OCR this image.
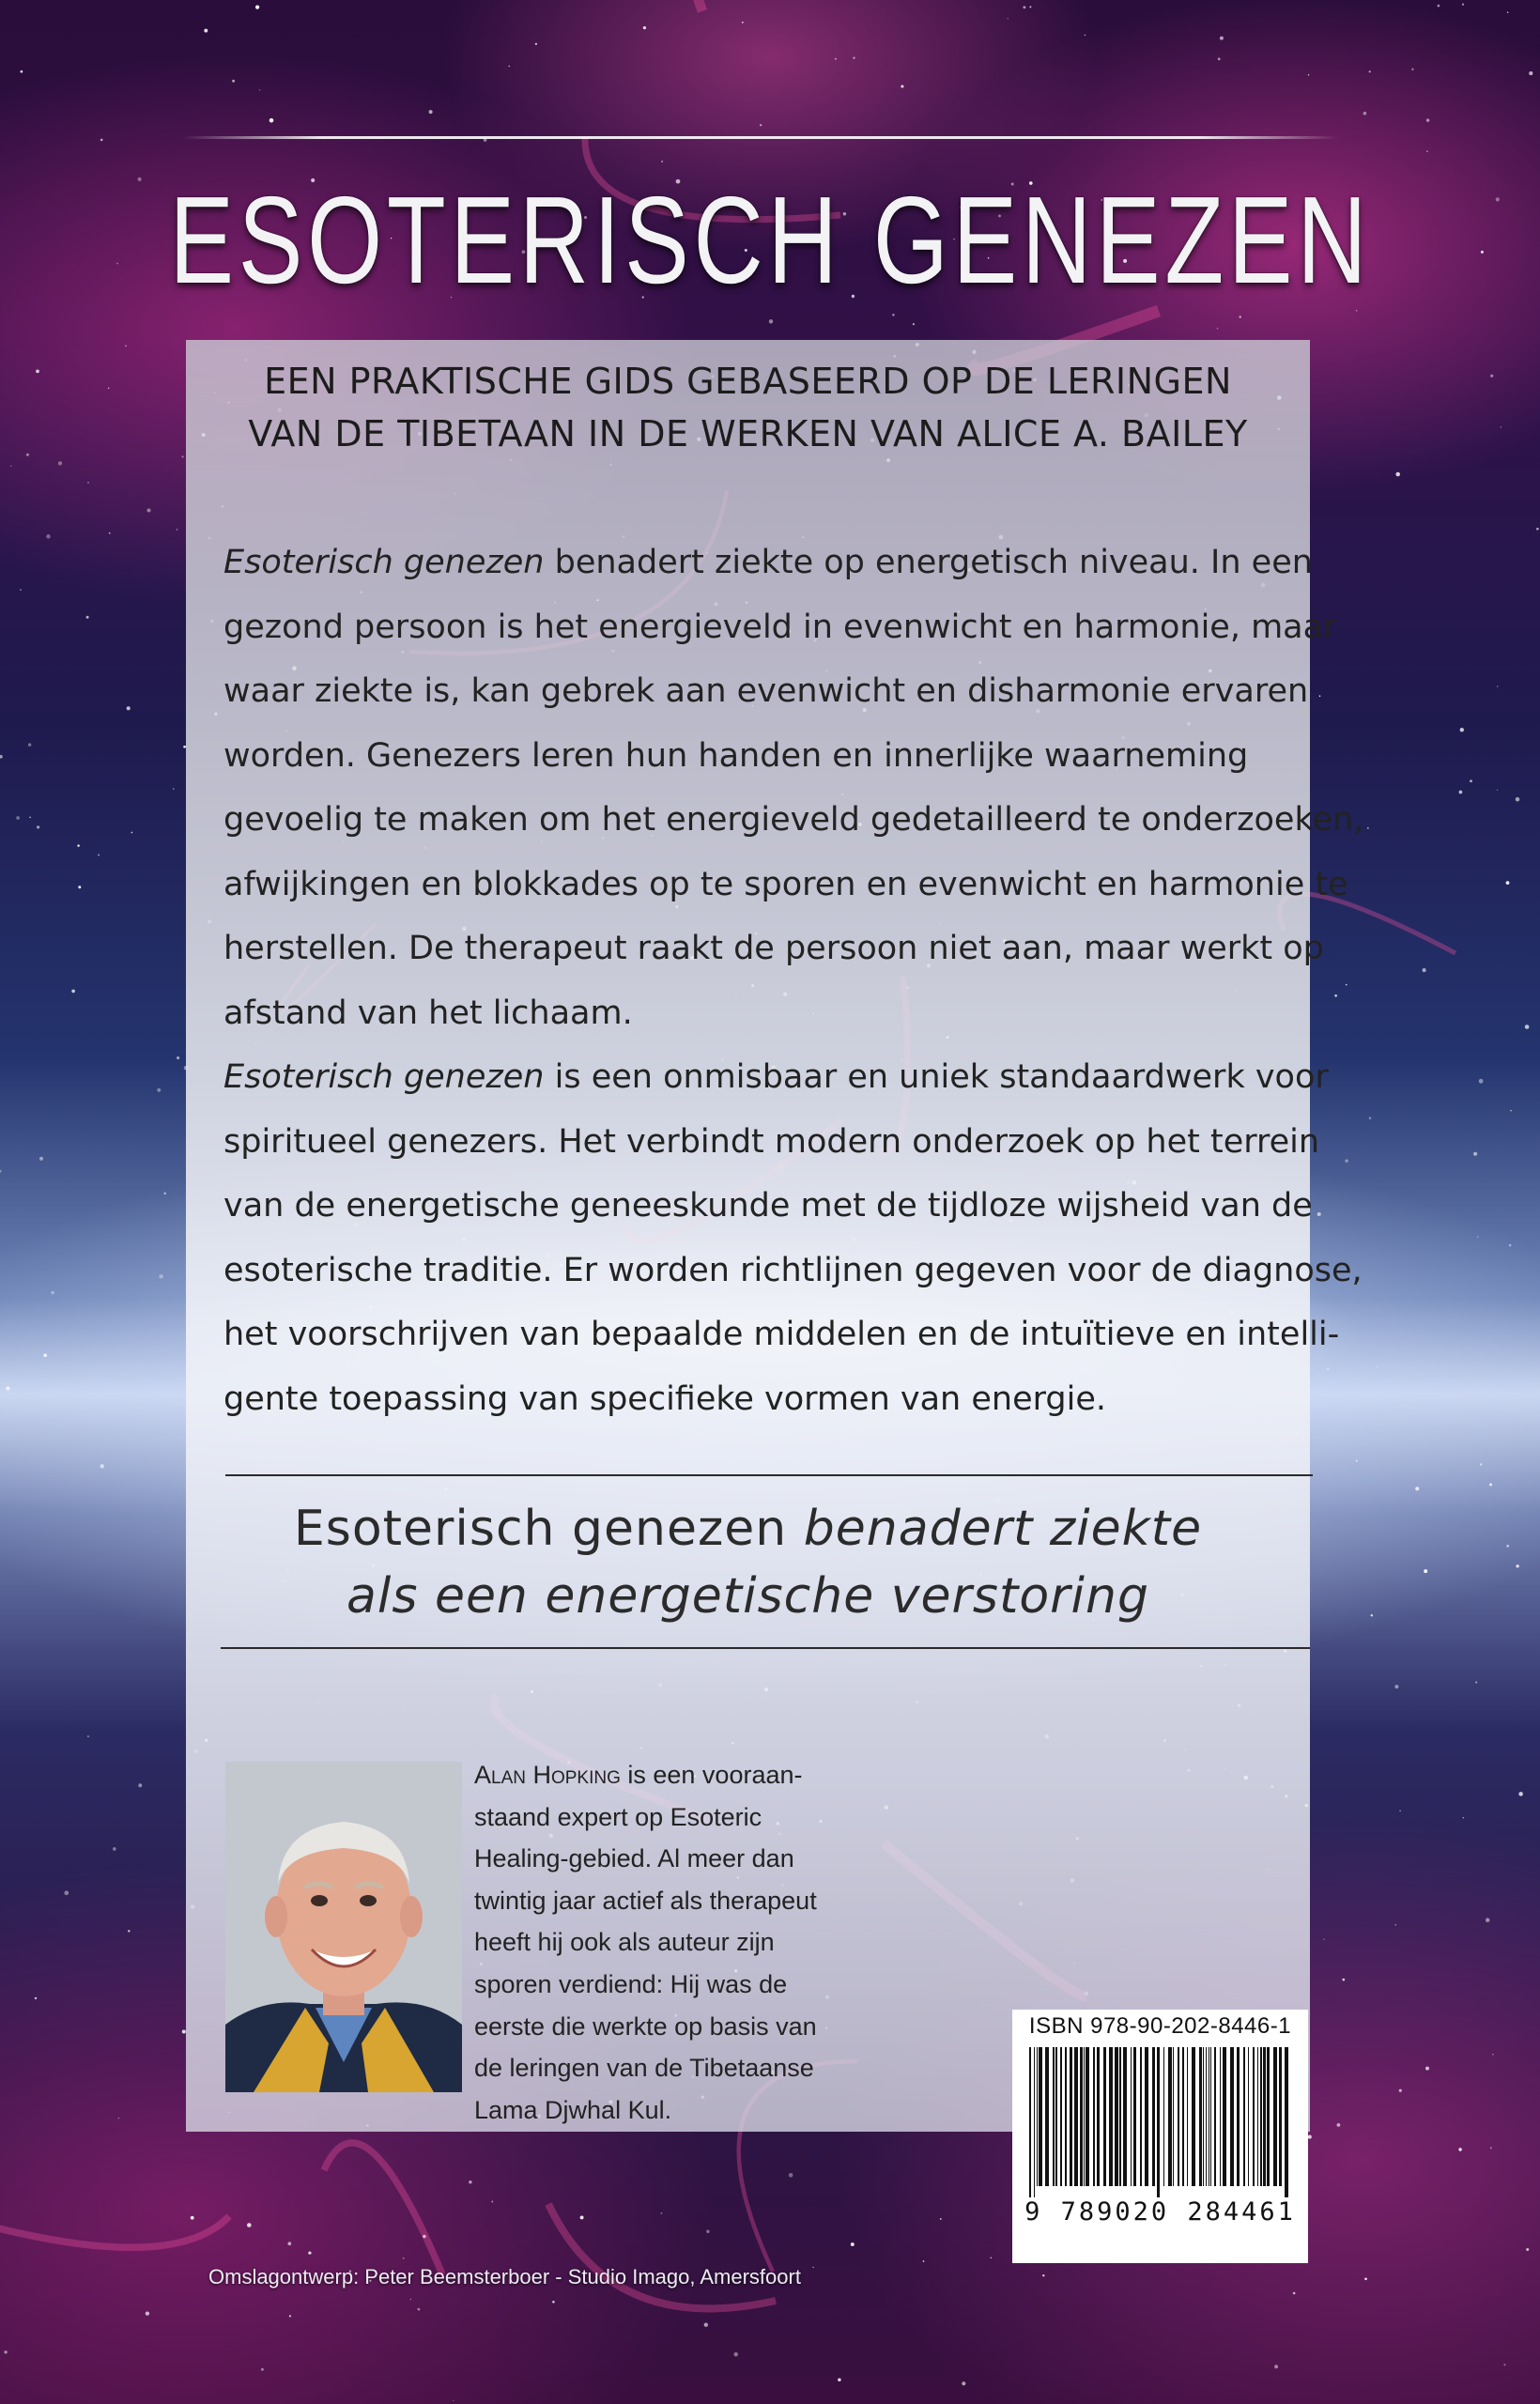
ESOTERISCH GENEZEN
EEN PRAKTISCHE GIDS GEBASEERD OP DE LERINGEN
VAN DE TIBETAAN IN DE WERKEN VAN ALICE A. BAILEY
Esoterisch genezen benadert ziekte op energetisch niveau. In een
gezond persoon is het energieveld in evenwicht en harmonie, maar
waar ziekte is, kan gebrek aan evenwicht en disharmonie ervaren
worden. Genezers leren hun handen en innerlijke waarneming
gevoelig te maken om het energieveld gedetailleerd te onderzoeken,
afwijkingen en blokkades op te sporen en evenwicht en harmonie te
herstellen. De therapeut raakt de persoon niet aan, maar werkt op
afstand van het lichaam.
Esoterisch genezen is een onmisbaar en uniek standaardwerk voor
spiritueel genezers. Het verbindt modern onderzoek op het terrein
van de energetische geneeskunde met de tijdloze wijsheid van de
esoterische traditie. Er worden richtlijnen gegeven voor de diagnose,
het voorschrijven van bepaalde middelen en de intuïtieve en intelli-
gente toepassing van specifieke vormen van energie.
Esoterisch genezen benadert ziekte
als een energetische verstoring
Alan Hopking is een vooraan-
staand expert op Esoteric
Healing-gebied. Al meer dan
twintig jaar actief als therapeut
heeft hij ook als auteur zijn
sporen verdiend: Hij was de
eerste die werkte op basis van
de leringen van de Tibetaanse
Lama Djwhal Kul.
ISBN 978-90-202-8446-1
9 789020 284461
Omslagontwerp: Peter Beemsterboer - Studio Imago, Amersfoort
